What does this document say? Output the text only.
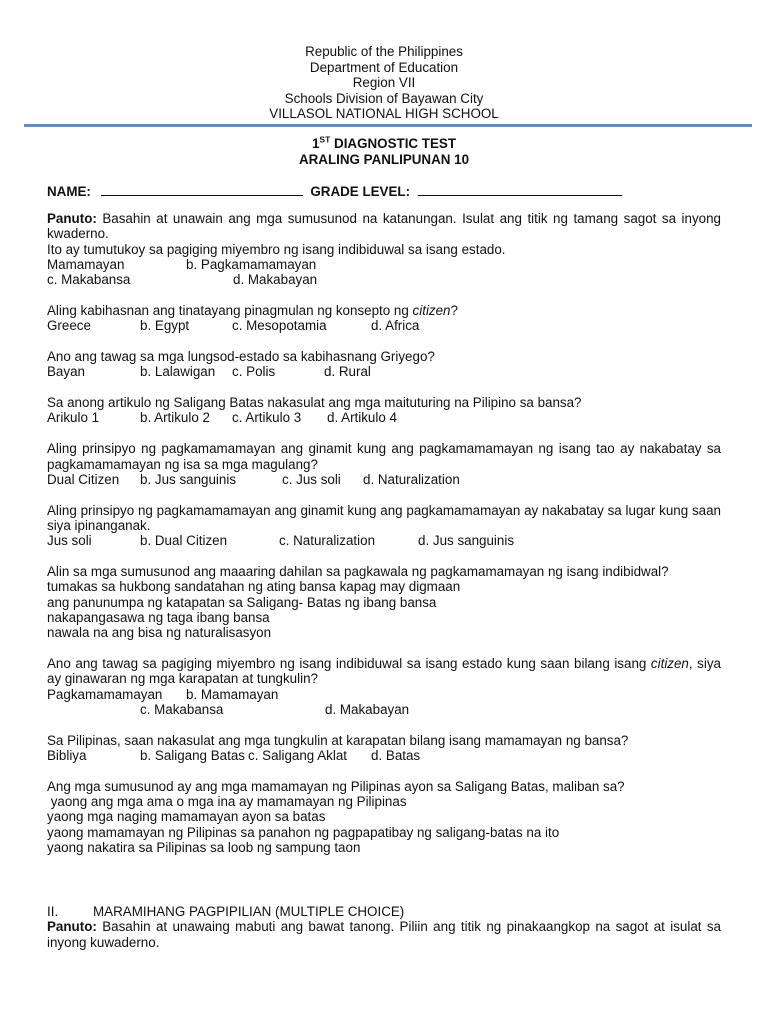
Republic of the Philippines
Department of Education
Region VII
Schools Division of Bayawan City
VILLASOL NATIONAL HIGH SCHOOL
1ST DIAGNOSTIC TEST
ARALING PANLIPUNAN 10
NAME:	GRADE LEVEL:
Panuto: Basahin at unawain ang mga sumusunod na katanungan. Isulat ang titik ng tamang sagot sa inyong kwaderno.
Ito ay tumutukoy sa pagiging miyembro ng isang indibiduwal sa isang estado.
Mamamayan	b. Pagkamamamayan
c. Makabansa	d. Makabayan
Aling kabihasnan ang tinatayang pinagmulan ng konsepto ng citizen?
Greece	b. Egypt	c. Mesopotamia	d. Africa
Ano ang tawag sa mga lungsod-estado sa kabihasnang Griyego?
Bayan	b. Lalawigan c. Polis	d. Rural
Sa anong artikulo ng Saligang Batas nakasulat ang mga maituturing na Pilipino sa bansa?
Arikulo 1	b. Artikulo 2 c. Artikulo 3 d. Artikulo 4
Aling prinsipyo ng pagkamamamayan ang ginamit kung ang pagkamamamayan ng isang tao ay nakabatay sa pagkamamamayan ng isa sa mga magulang?
Dual Citizen b. Jus sanguinis	c. Jus soli d. Naturalization
Aling prinsipyo ng pagkamamamayan ang ginamit kung ang pagkamamamayan ay nakabatay sa lugar kung saan siya ipinanganak.
Jus soli	b. Dual Citizen	c. Naturalization	d. Jus sanguinis
Alin sa mga sumusunod ang maaaring dahilan sa pagkawala ng pagkamamamayan ng isang indibidwal?
tumakas sa hukbong sandatahan ng ating bansa kapag may digmaan
ang panunumpa ng katapatan sa Saligang- Batas ng ibang bansa
nakapangasawa ng taga ibang bansa
nawala na ang bisa ng naturalisasyon
Ano ang tawag sa pagiging miyembro ng isang indibiduwal sa isang estado kung saan bilang isang citizen, siya ay ginawaran ng mga karapatan at tungkulin?
Pagkamamamayan b. Mamamayan
c. Makabansa	d. Makabayan
Sa Pilipinas, saan nakasulat ang mga tungkulin at karapatan bilang isang mamamayan ng bansa?
Bibliya	b. Saligang Batas c. Saligang Aklat d. Batas
Ang mga sumusunod ay ang mga mamamayan ng Pilipinas ayon sa Saligang Batas, maliban sa?
yaong ang mga ama o mga ina ay mamamayan ng Pilipinas
yaong mga naging mamamayan ayon sa batas
yaong mamamayan ng Pilipinas sa panahon ng pagpapatibay ng saligang-batas na ito
yaong nakatira sa Pilipinas sa loob ng sampung taon
II.	MARAMIHANG PAGPIPILIAN (MULTIPLE CHOICE)
Panuto: Basahin at unawaing mabuti ang bawat tanong. Piliin ang titik ng pinakaangkop na sagot at isulat sa inyong kuwaderno.
